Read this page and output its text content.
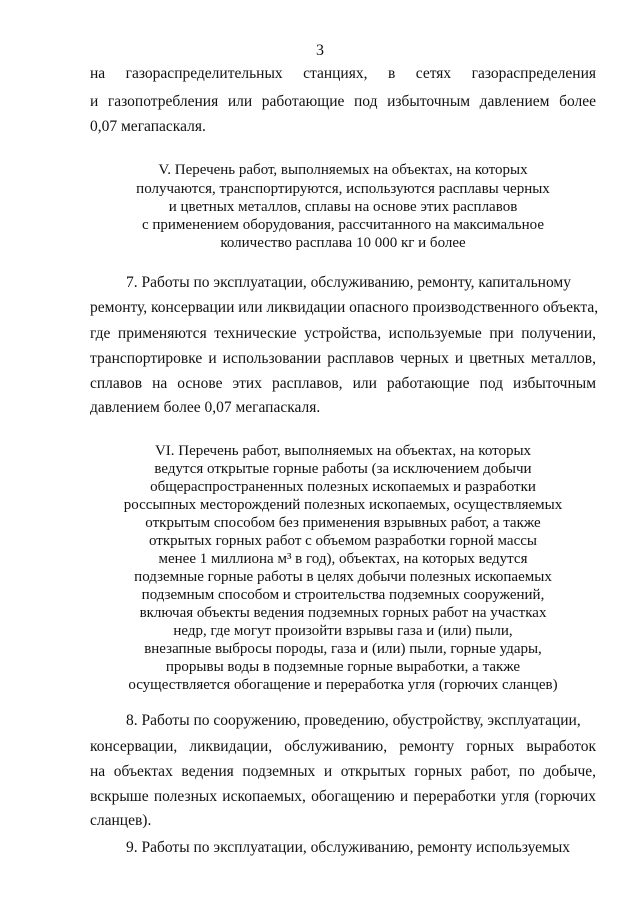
3
на газораспределительных станциях, в сетях газораспределения
и газопотребления или работающие под избыточным давлением более
0,07 мегапаскаля.
V. Перечень работ, выполняемых на объектах, на которых
получаются, транспортируются, используются расплавы черных
и цветных металлов, сплавы на основе этих расплавов
с применением оборудования, рассчитанного на максимальное
количество расплава 10 000 кг и более
7. Работы по эксплуатации, обслуживанию, ремонту, капитальному
ремонту, консервации или ликвидации опасного производственного объекта,
где применяются технические устройства, используемые при получении,
транспортировке и использовании расплавов черных и цветных металлов,
сплавов на основе этих расплавов, или работающие под избыточным
давлением более 0,07 мегапаскаля.
VI. Перечень работ, выполняемых на объектах, на которых
ведутся открытые горные работы (за исключением добычи
общераспространенных полезных ископаемых и разработки
россыпных месторождений полезных ископаемых, осуществляемых
открытым способом без применения взрывных работ, а также
открытых горных работ с объемом разработки горной массы
менее 1 миллиона м³ в год), объектах, на которых ведутся
подземные горные работы в целях добычи полезных ископаемых
подземным способом и строительства подземных сооружений,
включая объекты ведения подземных горных работ на участках
недр, где могут произойти взрывы газа и (или) пыли,
внезапные выбросы породы, газа и (или) пыли, горные удары,
прорывы воды в подземные горные выработки, а также
осуществляется обогащение и переработка угля (горючих сланцев)
8. Работы по сооружению, проведению, обустройству, эксплуатации,
консервации, ликвидации, обслуживанию, ремонту горных выработок
на объектах ведения подземных и открытых горных работ, по добыче,
вскрыше полезных ископаемых, обогащению и переработки угля (горючих
сланцев).
9. Работы по эксплуатации, обслуживанию, ремонту используемых
